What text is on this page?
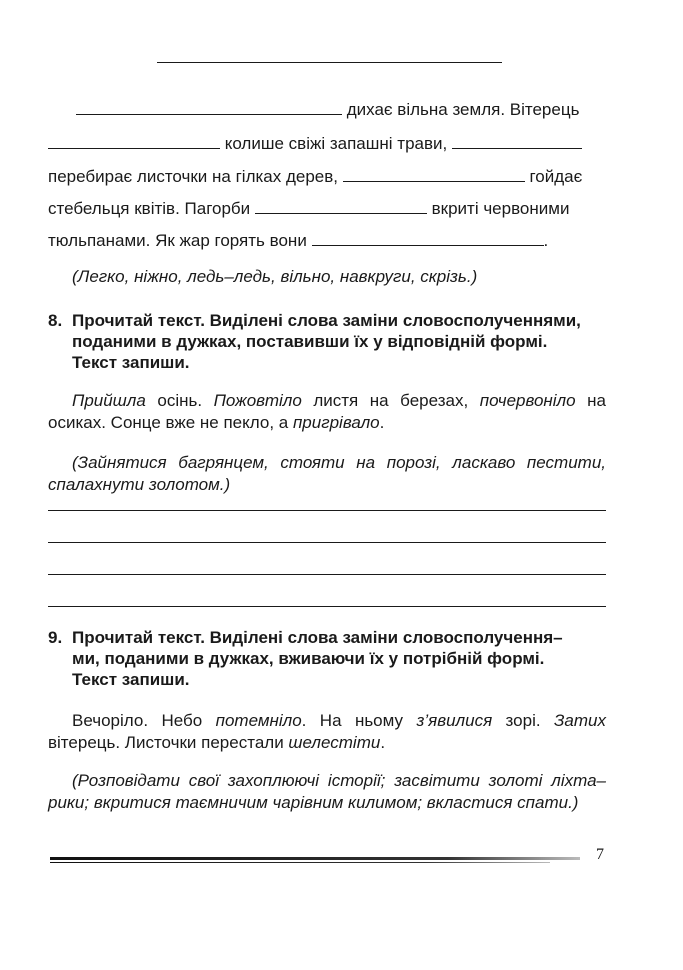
дихає вільна земля. Вітерець
колише свіжі запашні трави,
перебирає листочки на гілках дерев,	гойдає
стебельця квітів. Пагорби	вкриті червоними
тюльпанами. Як жар горять вони	.
(Легко, ніжно, ледь–ледь, вільно, навкруги, скрізь.)
8. Прочитай текст. Виділені слова заміни словосполученнями,
поданими в дужках, поставивши їх у відповідній формі.
Текст запиши.
Прийшла осінь. Пожовтіло листя на березах, почервоніло на осиках. Сонце вже не пекло, а пригрівало.
(Зайнятися багрянцем, стояти на порозі, ласкаво пестити, спалахнути золотом.)
9. Прочитай текст. Виділені слова заміни словосполучення–
ми, поданими в дужках, вживаючи їх у потрібній формі.
Текст запиши.
Вечоріло. Небо потемніло. На ньому з’явилися зорі. Затих вітерець. Листочки перестали шелестіти.
(Розповідати свої захоплюючі історії; засвітити золоті ліхта–рики; вкритися таємничим чарівним килимом; вкластися спати.)
7
